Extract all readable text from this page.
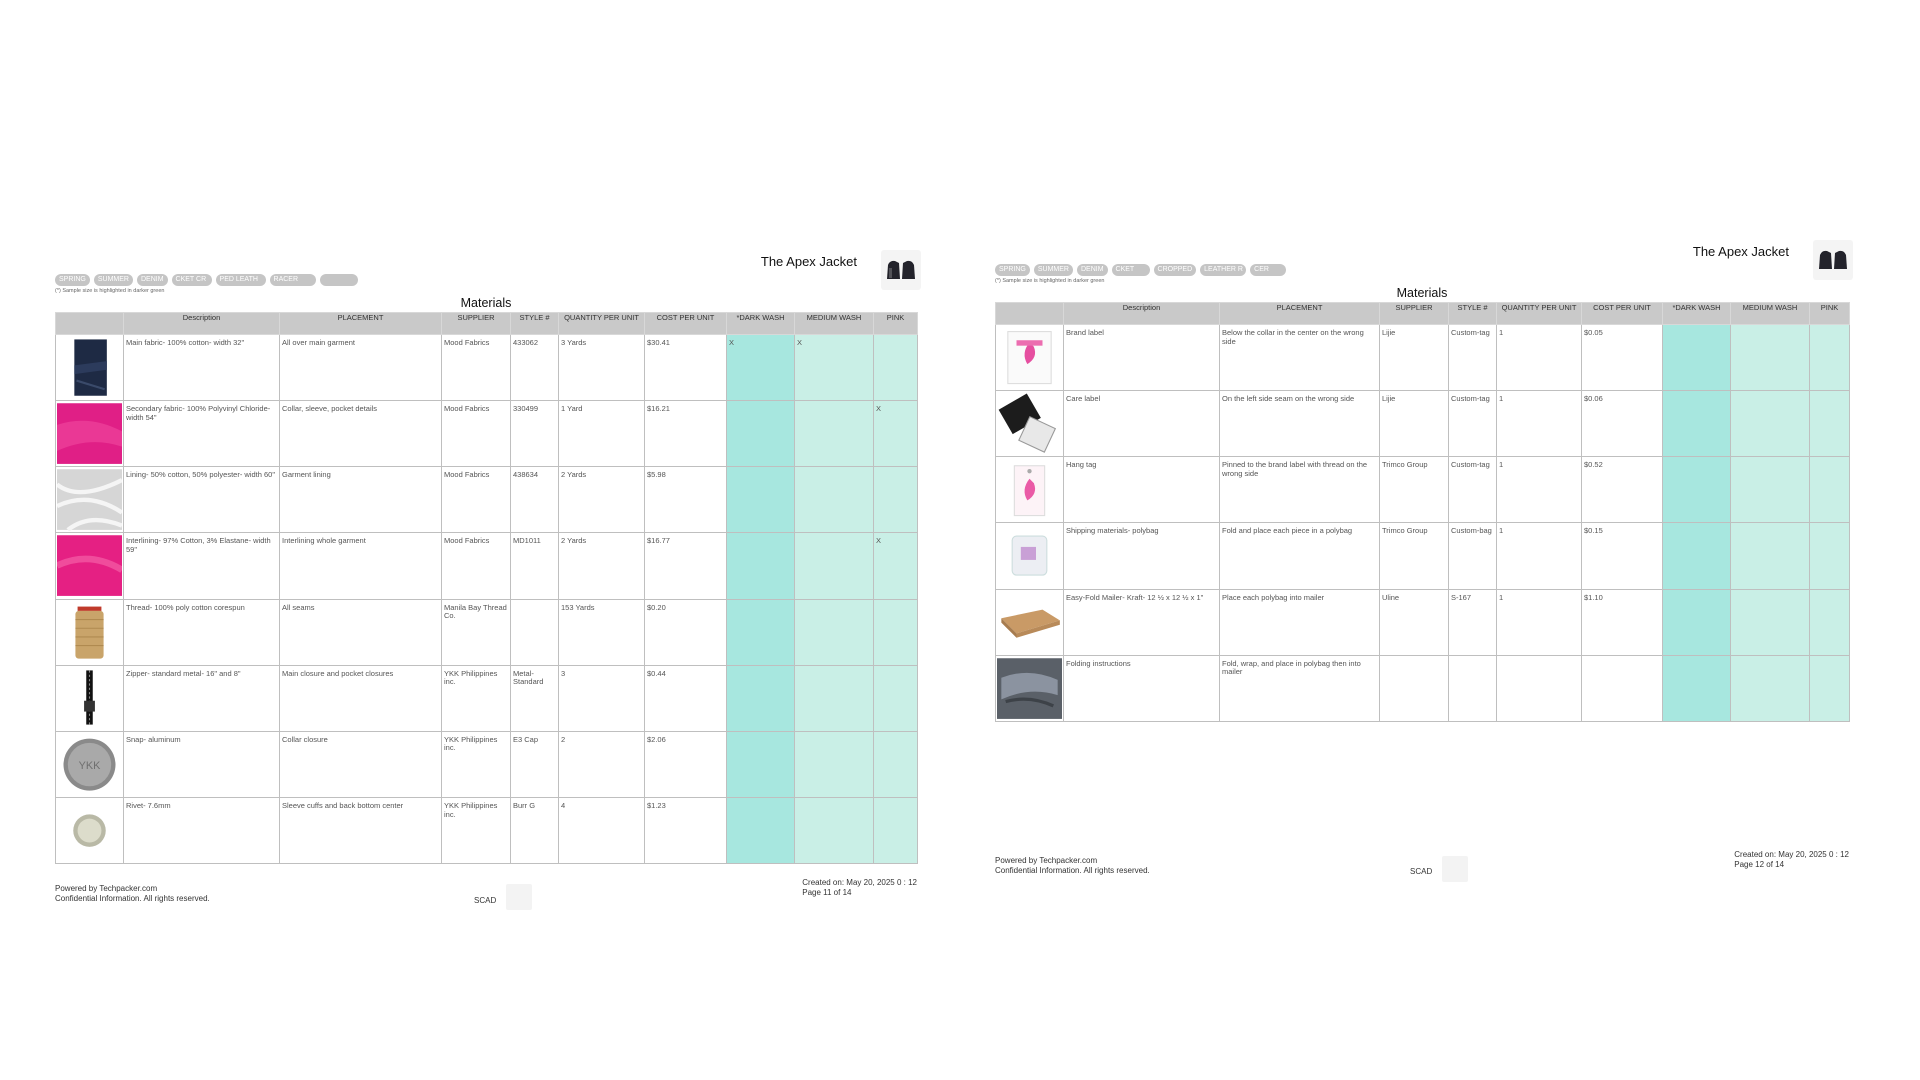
SPRING	SUMMER	DENIM	CKET CR	PED LEATH	RACER
The Apex Jacket
(*) Sample size is highlighted in darker green
Materials
	Description	PLACEMENT	SUPPLIER	STYLE #	QUANTITY PER UNIT	COST PER UNIT	*DARK WASH	MEDIUM WASH	PINK

	Main fabric- 100% cotton- width 32"	All over main garment	Mood Fabrics	433062	3 Yards	$30.41	X	X	

	Secondary fabric- 100% Polyvinyl Chloride- width 54"	Collar, sleeve, pocket details	Mood Fabrics	330499	1 Yard	$16.21			X

	Lining- 50% cotton, 50% polyester- width 60"	Garment lining	Mood Fabrics	438634	2 Yards	$5.98			

	Interlining- 97% Cotton, 3% Elastane- width 59"	Interlining whole garment	Mood Fabrics	MD1011	2 Yards	$16.77			X

	Thread- 100% poly cotton corespun	All seams	Manila Bay Thread Co.		153 Yards	$0.20			

	Zipper- standard metal- 16" and 8"	Main closure and pocket closures	YKK Philippines inc.	Metal-Standard	3	$0.44			

YKK	Snap- aluminum	Collar closure	YKK Philippines inc.	E3 Cap	2	$2.06			

	Rivet- 7.6mm	Sleeve cuffs and back bottom center	YKK Philippines inc.	Burr G	4	$1.23			
Powered by Techpacker.com
Confidential Information. All rights reserved.	SCAD
Created on: May 20, 2025 0 : 12
Page 11 of 14
SPRING	SUMMER	DENIM	CKET	CROPPED	LEATHER R	CER
The Apex Jacket
(*) Sample size is highlighted in darker green
Materials
	Description	PLACEMENT	SUPPLIER	STYLE #	QUANTITY PER UNIT	COST PER UNIT	*DARK WASH	MEDIUM WASH	PINK

	Brand label	Below the collar in the center on the wrong side	Lijie	Custom-tag	1	$0.05			

	Care label	On the left side seam on the wrong side	Lijie	Custom-tag	1	$0.06			

	Hang tag	Pinned to the brand label with thread on the wrong side	Trimco Group	Custom-tag	1	$0.52			

	Shipping materials- polybag	Fold and place each piece in a polybag	Trimco Group	Custom-bag	1	$0.15			

	Easy-Fold Mailer- Kraft- 12 ½ x 12 ½ x 1"	Place each polybag into mailer	Uline	S-167	1	$1.10			

	Folding instructions	Fold, wrap, and place in polybag then into mailer							
Powered by Techpacker.com
Confidential Information. All rights reserved.	SCAD
Created on: May 20, 2025 0 : 12
Page 12 of 14
